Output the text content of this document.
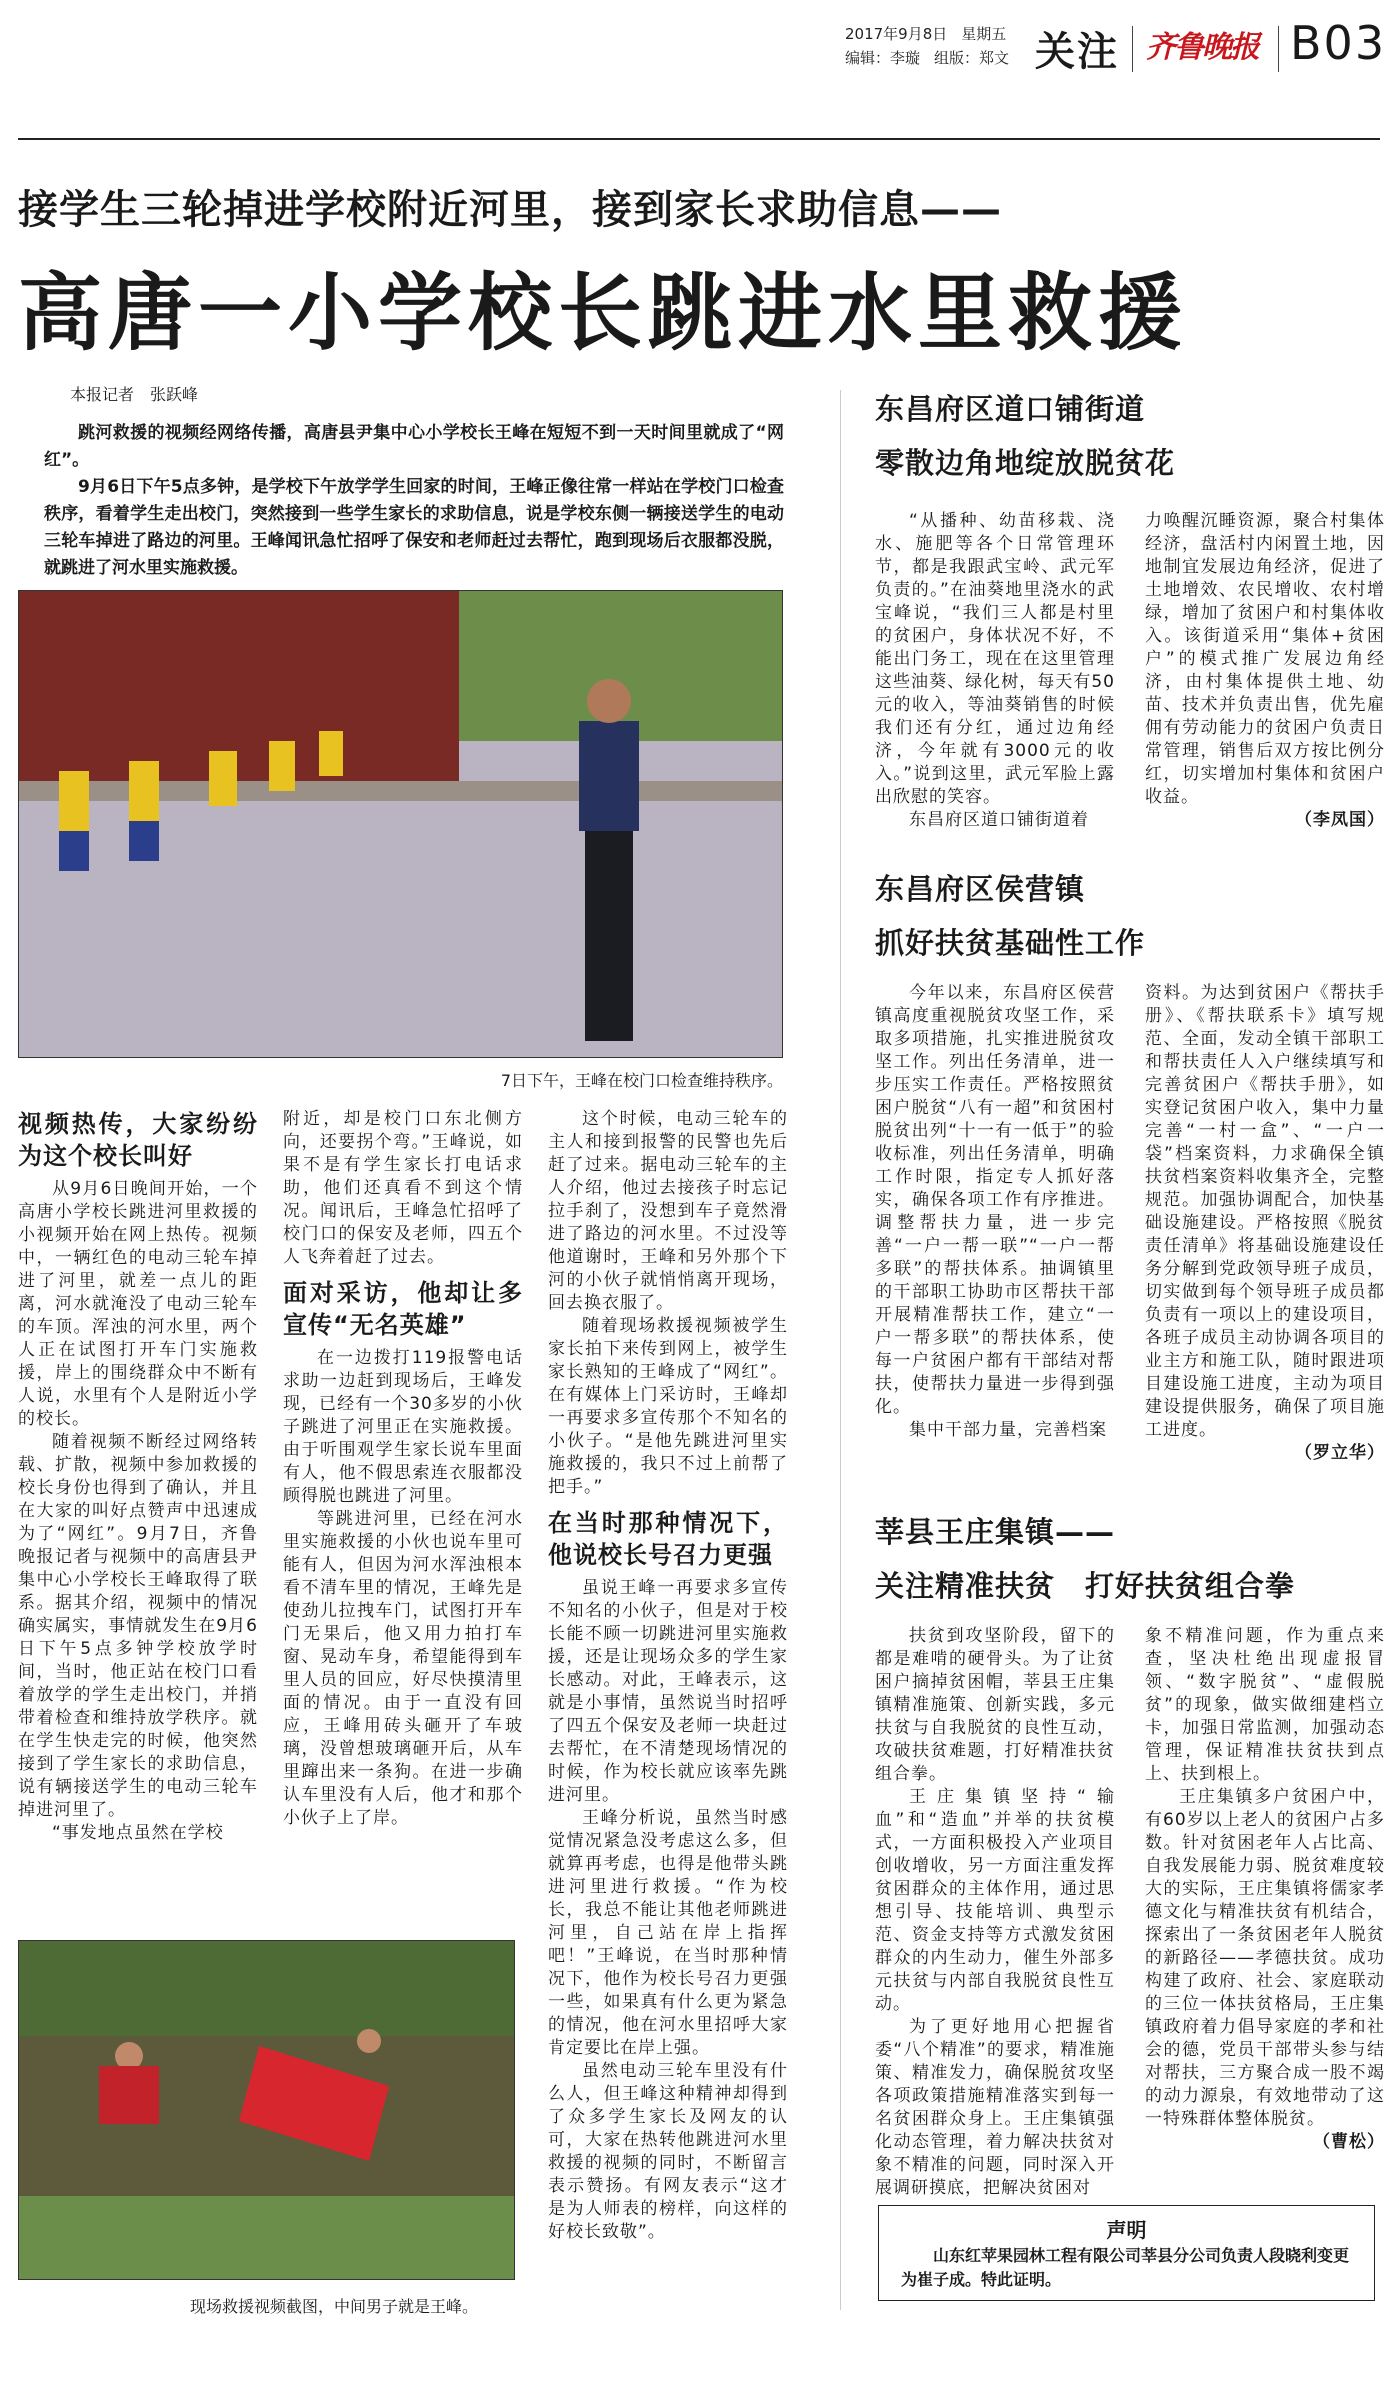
2017年9月8日 星期五
编辑：李璇 组版：郑文 关注 齐鲁晚报 B03
接学生三轮掉进学校附近河里，接到家长求助信息——
高唐一小学校长跳进水里救援
本报记者　张跃峰

跳河救援的视频经网络传播，高唐县尹集中心小学校长王峰在短短不到一天时间里就成了“网红”。

9月6日下午5点多钟，是学校下午放学学生回家的时间，王峰正像往常一样站在学校门口检查秩序，看着学生走出校门，突然接到一些学生家长的求助信息，说是学校东侧一辆接送学生的电动三轮车掉进了路边的河里。王峰闻讯急忙招呼了保安和老师赶过去帮忙，跑到现场后衣服都没脱，就跳进了河水里实施救援。

7日下午，王峰在校门口检查维持秩序。
视频热传，大家纷纷为这个校长叫好

从9月6日晚间开始，一个高唐小学校长跳进河里救援的小视频开始在网上热传。视频中，一辆红色的电动三轮车掉进了河里，就差一点儿的距离，河水就淹没了电动三轮车的车顶。浑浊的河水里，两个人正在试图打开车门实施救援，岸上的围绕群众中不断有人说，水里有个人是附近小学的校长。

随着视频不断经过网络转载、扩散，视频中参加救援的校长身份也得到了确认，并且在大家的叫好点赞声中迅速成为了“网红”。9月7日，齐鲁晚报记者与视频中的高唐县尹集中心小学校长王峰取得了联系。据其介绍，视频中的情况确实属实，事情就发生在9月6日下午5点多钟学校放学时间，当时，他正站在校门口看着放学的学生走出校门，并捎带着检查和维持放学秩序。就在学生快走完的时候，他突然接到了学生家长的求助信息，说有辆接送学生的电动三轮车掉进河里了。

“事发地点虽然在学校

附近，却是校门口东北侧方向，还要拐个弯。”王峰说，如果不是有学生家长打电话求助，他们还真看不到这个情况。闻讯后，王峰急忙招呼了校门口的保安及老师，四五个人飞奔着赶了过去。

面对采访，他却让多宣传“无名英雄”

在一边拨打119报警电话求助一边赶到现场后，王峰发现，已经有一个30多岁的小伙子跳进了河里正在实施救援。由于听围观学生家长说车里面有人，他不假思索连衣服都没顾得脱也跳进了河里。

等跳进河里，已经在河水里实施救援的小伙也说车里可能有人，但因为河水浑浊根本看不清车里的情况，王峰先是使劲儿拉拽车门，试图打开车门无果后，他又用力拍打车窗、晃动车身，希望能得到车里人员的回应，好尽快摸清里面的情况。由于一直没有回应，王峰用砖头砸开了车玻璃，没曾想玻璃砸开后，从车里蹿出来一条狗。在进一步确认车里没有人后，他才和那个小伙子上了岸。

这个时候，电动三轮车的主人和接到报警的民警也先后赶了过来。据电动三轮车的主人介绍，他过去接孩子时忘记拉手刹了，没想到车子竟然滑进了路边的河水里。不过没等他道谢时，王峰和另外那个下河的小伙子就悄悄离开现场，回去换衣服了。

随着现场救援视频被学生家长拍下来传到网上，被学生家长熟知的王峰成了“网红”。在有媒体上门采访时，王峰却一再要求多宣传那个不知名的小伙子。“是他先跳进河里实施救援的，我只不过上前帮了把手。”

在当时那种情况下，他说校长号召力更强

虽说王峰一再要求多宣传不知名的小伙子，但是对于校长能不顾一切跳进河里实施救援，还是让现场众多的学生家长感动。对此，王峰表示，这就是小事情，虽然说当时招呼了四五个保安及老师一块赶过去帮忙，在不清楚现场情况的时候，作为校长就应该率先跳进河里。

王峰分析说，虽然当时感觉情况紧急没考虑这么多，但就算再考虑，也得是他带头跳进河里进行救援。“作为校长，我总不能让其他老师跳进河里，自己站在岸上指挥吧！”王峰说，在当时那种情况下，他作为校长号召力更强一些，如果真有什么更为紧急的情况，他在河水里招呼大家肯定要比在岸上强。

虽然电动三轮车里没有什么人，但王峰这种精神却得到了众多学生家长及网友的认可，大家在热转他跳进河水里救援的视频的同时，不断留言表示赞扬。有网友表示“这才是为人师表的榜样，向这样的好校长致敬”。

现场救援视频截图，中间男子就是王峰。
东昌府区道口铺街道
零散边角地绽放脱贫花

“从播种、幼苗移栽、浇水、施肥等各个日常管理环节，都是我跟武宝岭、武元军负责的。”在油葵地里浇水的武宝峰说，“我们三人都是村里的贫困户，身体状况不好，不能出门务工，现在在这里管理这些油葵、绿化树，每天有50元的收入，等油葵销售的时候我们还有分红，通过边角经济，今年就有3000元的收入。”说到这里，武元军脸上露出欣慰的笑容。

东昌府区道口铺街道着

力唤醒沉睡资源，聚合村集体经济，盘活村内闲置土地，因地制宜发展边角经济，促进了土地增效、农民增收、农村增绿，增加了贫困户和村集体收入。该街道采用“集体+贫困户”的模式推广发展边角经济，由村集体提供土地、幼苗、技术并负责出售，优先雇佣有劳动能力的贫困户负责日常管理，销售后双方按比例分红，切实增加村集体和贫困户收益。

（李凤国）
东昌府区侯营镇
抓好扶贫基础性工作

今年以来，东昌府区侯营镇高度重视脱贫攻坚工作，采取多项措施，扎实推进脱贫攻坚工作。列出任务清单，进一步压实工作责任。严格按照贫困户脱贫“八有一超”和贫困村脱贫出列“十一有一低于”的验收标准，列出任务清单，明确工作时限，指定专人抓好落实，确保各项工作有序推进。调整帮扶力量，进一步完善“一户一帮一联”“一户一帮多联”的帮扶体系。抽调镇里的干部职工协助市区帮扶干部开展精准帮扶工作，建立“一户一帮多联”的帮扶体系，使每一户贫困户都有干部结对帮扶，使帮扶力量进一步得到强化。

集中干部力量，完善档案

资料。为达到贫困户《帮扶手册》、《帮扶联系卡》填写规范、全面，发动全镇干部职工和帮扶责任人入户继续填写和完善贫困户《帮扶手册》，如实登记贫困户收入，集中力量完善“一村一盒”、“一户一袋”档案资料，力求确保全镇扶贫档案资料收集齐全，完整规范。加强协调配合，加快基础设施建设。严格按照《脱贫责任清单》将基础设施建设任务分解到党政领导班子成员，切实做到每个领导班子成员都负责有一项以上的建设项目，各班子成员主动协调各项目的业主方和施工队，随时跟进项目建设施工进度，主动为项目建设提供服务，确保了项目施工进度。

（罗立华）
莘县王庄集镇——
关注精准扶贫　打好扶贫组合拳

扶贫到攻坚阶段，留下的都是难啃的硬骨头。为了让贫困户摘掉贫困帽，莘县王庄集镇精准施策、创新实践，多元扶贫与自我脱贫的良性互动，攻破扶贫难题，打好精准扶贫组合拳。

王庄集镇坚持“输血”和“造血”并举的扶贫模式，一方面积极投入产业项目创收增收，另一方面注重发挥贫困群众的主体作用，通过思想引导、技能培训、典型示范、资金支持等方式激发贫困群众的内生动力，催生外部多元扶贫与内部自我脱贫良性互动。

为了更好地用心把握省委“八个精准”的要求，精准施策、精准发力，确保脱贫攻坚各项政策措施精准落实到每一名贫困群众身上。王庄集镇强化动态管理，着力解决扶贫对象不精准的问题，同时深入开展调研摸底，把解决贫困对

象不精准问题，作为重点来查，坚决杜绝出现虚报冒领、“数字脱贫”、“虚假脱贫”的现象，做实做细建档立卡，加强日常监测，加强动态管理，保证精准扶贫扶到点上、扶到根上。

王庄集镇多户贫困户中，有60岁以上老人的贫困户占多数。针对贫困老年人占比高、自我发展能力弱、脱贫难度较大的实际，王庄集镇将儒家孝德文化与精准扶贫有机结合，探索出了一条贫困老年人脱贫的新路径——孝德扶贫。成功构建了政府、社会、家庭联动的三位一体扶贫格局，王庄集镇政府着力倡导家庭的孝和社会的德，党员干部带头参与结对帮扶，三方聚合成一股不竭的动力源泉，有效地带动了这一特殊群体整体脱贫。

（曹松）
声明

山东红苹果园林工程有限公司莘县分公司负责人段晓利变更为崔子成。特此证明。
